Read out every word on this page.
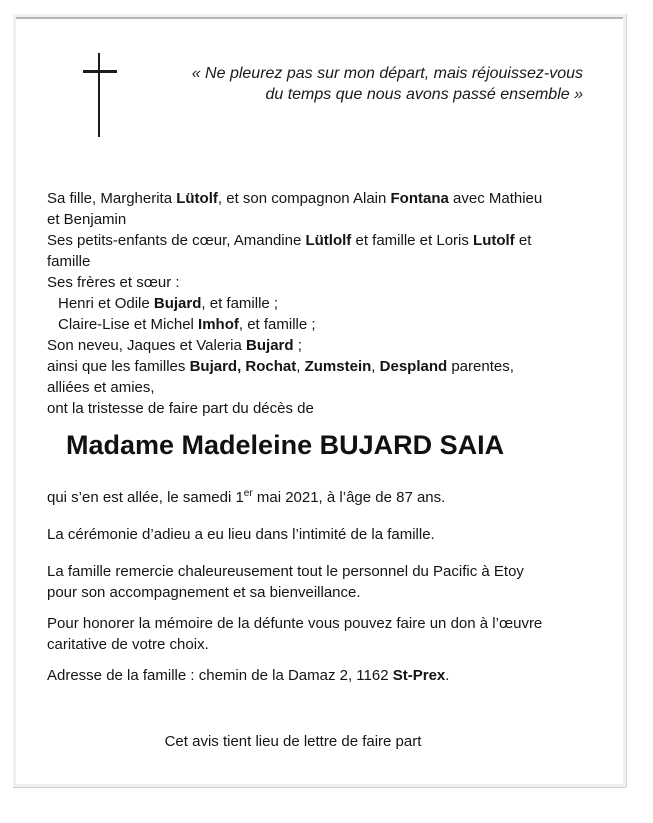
« Ne pleurez pas sur mon départ, mais réjouissez-vous
du temps que nous avons passé ensemble »
Sa fille, Margherita Lütolf, et son compagnon Alain Fontana avec Mathieu
et Benjamin
Ses petits-enfants de cœur, Amandine Lütlolf et famille et Loris Lutolf et
famille
Ses frères et sœur :
Henri et Odile Bujard, et famille ;
Claire-Lise et Michel Imhof, et famille ;
Son neveu, Jaques et Valeria Bujard ;
ainsi que les familles Bujard, Rochat, Zumstein, Despland parentes,
alliées et amies,
ont la tristesse de faire part du décès de
Madame Madeleine BUJARD SAIA
qui s’en est allée, le samedi 1er mai 2021, à l’âge de 87 ans.
La cérémonie d’adieu a eu lieu dans l’intimité de la famille.
La famille remercie chaleureusement tout le personnel du Pacific à Etoy
pour son accompagnement et sa bienveillance.
Pour honorer la mémoire de la défunte vous pouvez faire un don à l’œuvre
caritative de votre choix.
Adresse de la famille : chemin de la Damaz 2, 1162 St-Prex.
Cet avis tient lieu de lettre de faire part
